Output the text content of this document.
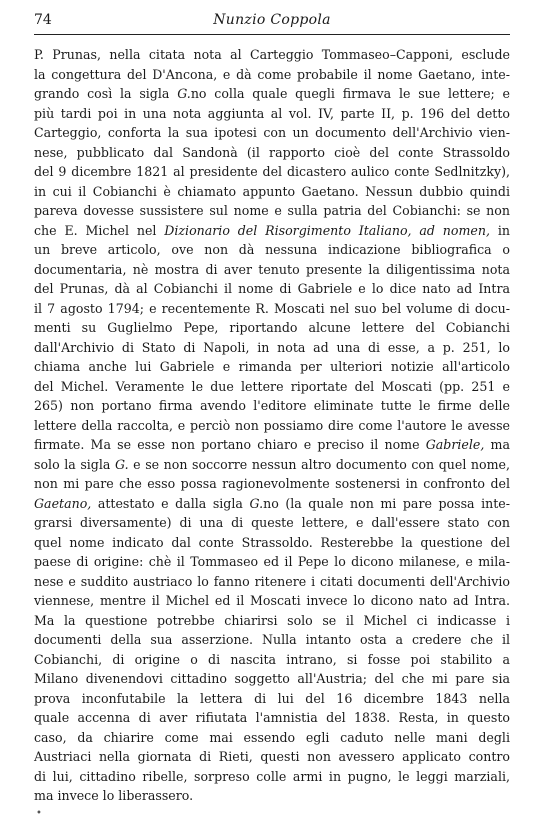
74	Nunzio Coppola
P. Prunas, nella citata nota al Carteggio Tommaseo–Capponi, esclude
la congettura del D'Ancona, e dà come probabile il nome Gaetano, inte-
grando così la sigla G.no colla quale quegli firmava le sue lettere; e
più tardi poi in una nota aggiunta al vol. IV, parte II, p. 196 del detto
Carteggio, conforta la sua ipotesi con un documento dell'Archivio vien-
nese, pubblicato dal Sandonà (il rapporto cioè del conte Strassoldo
del 9 dicembre 1821 al presidente del dicastero aulico conte Sedlnitzky),
in cui il Cobianchi è chiamato appunto Gaetano. Nessun dubbio quindi
pareva dovesse sussistere sul nome e sulla patria del Cobianchi: se non
che E. Michel nel Dizionario del Risorgimento Italiano, ad nomen, in
un breve articolo, ove non dà nessuna indicazione bibliografica o
documentaria, nè mostra di aver tenuto presente la diligentissima nota
del Prunas, dà al Cobianchi il nome di Gabriele e lo dice nato ad Intra
il 7 agosto 1794; e recentemente R. Moscati nel suo bel volume di docu-
menti su Guglielmo Pepe, riportando alcune lettere del Cobianchi
dall'Archivio di Stato di Napoli, in nota ad una di esse, a p. 251, lo
chiama anche lui Gabriele e rimanda per ulteriori notizie all'articolo
del Michel. Veramente le due lettere riportate del Moscati (pp. 251 e
265) non portano firma avendo l'editore eliminate tutte le firme delle
lettere della raccolta, e perciò non possiamo dire come l'autore le avesse
firmate. Ma se esse non portano chiaro e preciso il nome Gabriele, ma
solo la sigla G. e se non soccorre nessun altro documento con quel nome,
non mi pare che esso possa ragionevolmente sostenersi in confronto del
Gaetano, attestato e dalla sigla G.no (la quale non mi pare possa inte-
grarsi diversamente) di una di queste lettere, e dall'essere stato con
quel nome indicato dal conte Strassoldo. Resterebbe la questione del
paese di origine: chè il Tommaseo ed il Pepe lo dicono milanese, e mila-
nese e suddito austriaco lo fanno ritenere i citati documenti dell'Archivio
viennese, mentre il Michel ed il Moscati invece lo dicono nato ad Intra.
Ma la questione potrebbe chiarirsi solo se il Michel ci indicasse i
documenti della sua asserzione. Nulla intanto osta a credere che il
Cobianchi, di origine o di nascita intrano, si fosse poi stabilito a
Milano divenendovi cittadino soggetto all'Austria; del che mi pare sia
prova inconfutabile la lettera di lui del 16 dicembre 1843 nella
quale accenna di aver rifiutata l'amnistia del 1838. Resta, in questo
caso, da chiarire come mai essendo egli caduto nelle mani degli
Austriaci nella giornata di Rieti, questi non avessero applicato contro
di lui, cittadino ribelle, sorpreso colle armi in pugno, le leggi marziali,
ma invece lo liberassero.
•
